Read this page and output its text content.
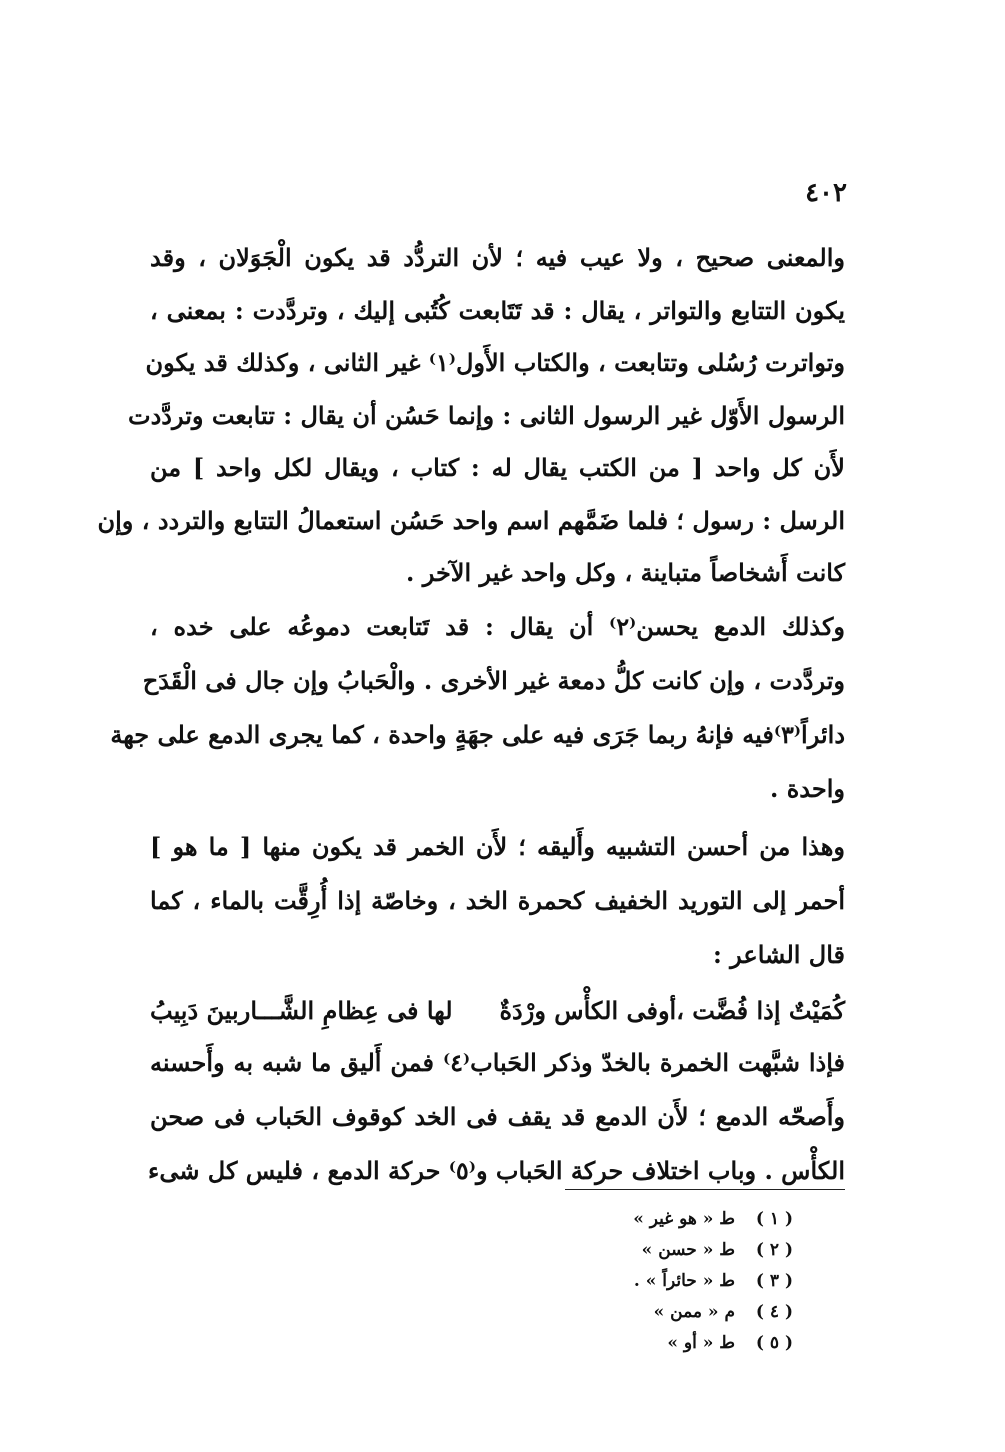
٤٠٢
والمعنى صحيح ، ولا عيب فيه ؛ لأن التردُّد قد يكون الْجَوَلان ، وقد
يكون التتابع والتواتر ، يقال : قد تَتَابعت كُتُبى إليك ، وتردَّدت : بمعنى ،
وتواترت رُسُلى وتتابعت ، والكتاب الأَول⁽١⁾ غير الثانى ، وكذلك قد يكون
الرسول الأَوّل غير الرسول الثانى : وإنما حَسُن أن يقال : تتابعت وتردَّدت
لأَن كل واحد [ من الكتب يقال له : كتاب ، ويقال لكل واحد ] من
الرسل : رسول ؛ فلما ضَمَّهم اسم واحد حَسُن استعمالُ التتابع والتردد ، وإن
كانت أَشخاصاً متباينة ، وكل واحد غير الآخر .
وكذلك الدمع يحسن⁽٢⁾ أن يقال : قد تَتابعت دموعُه على خده ،
وتردَّدت ، وإن كانت كلُّ دمعة غير الأخرى . والْحَبابُ وإن جال فى الْقَدَح
دائراً⁽٣⁾فيه فإنهُ ربما جَرَى فيه على جهَةٍ واحدة ، كما يجرى الدمع على جهة
واحدة .
وهذا من أحسن التشبيه وأَليقه ؛ لأَن الخمر قد يكون منها [ ما هو ]
أحمر إلى التوريد الخفيف كحمرة الخد ، وخاصّة إذا أُرِقَّت بالماء ، كما
قال الشاعر :
كُمَيْتٌ إذا فُضَّت ،أوفى الكأْس ورْدَةٌ
لها فى عِظامِ الشَّـــاربينَ دَبِيبُ
فإذا شبَّهت الخمرة بالخدّ وذكر الحَباب⁽٤⁾ فمن أَليق ما شبه به وأَحسنه
وأَصحّه الدمع ؛ لأَن الدمع قد يقف فى الخد كوقوف الحَباب فى صحن
الكأْس . وباب اختلاف حركة الحَباب و⁽٥⁾ حركة الدمع ، فليس كل شىء
( ١ )
ط « هو غير »
( ٢ )
ط « حسن »
( ٣ )
ط « حائراً » .
( ٤ )
م « ممن »
( ٥ )
ط « أو »
